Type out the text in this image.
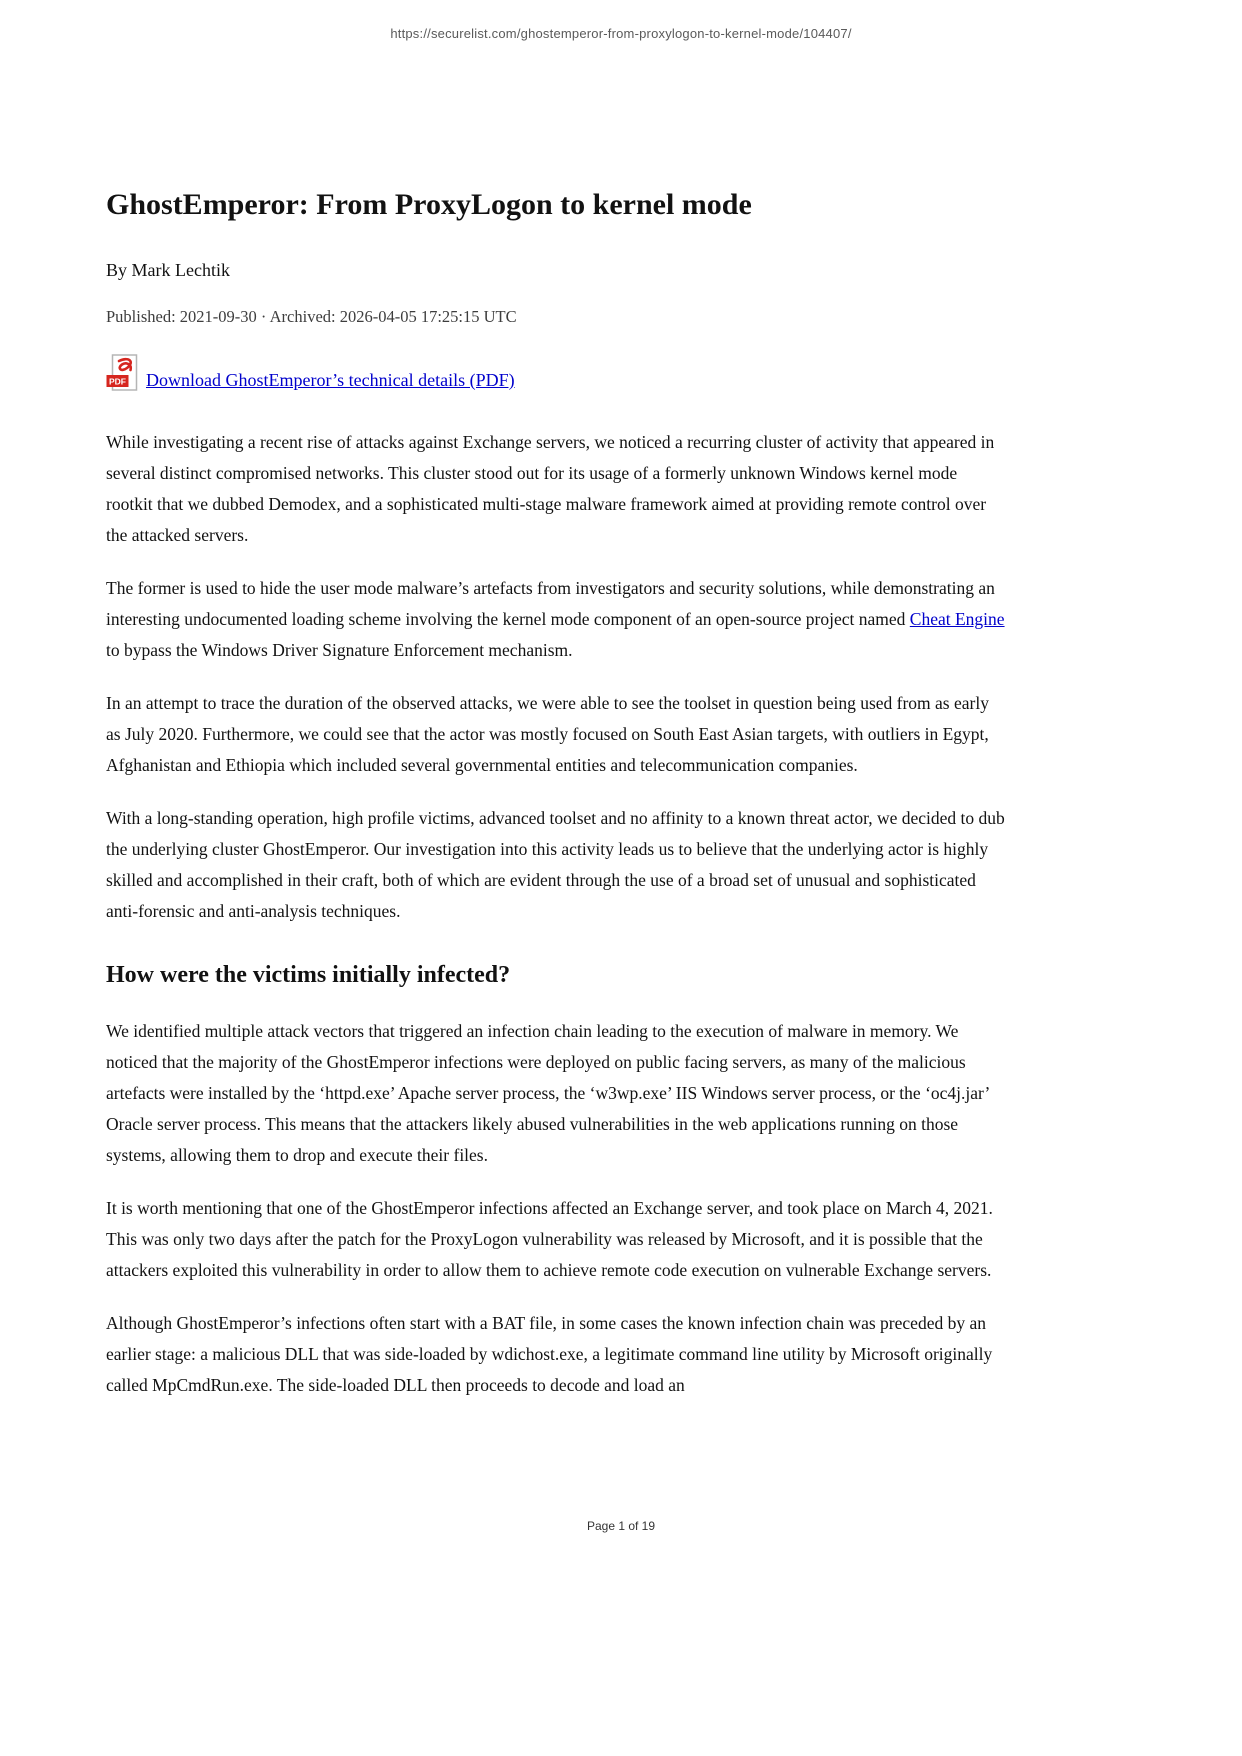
https://securelist.com/ghostemperor-from-proxylogon-to-kernel-mode/104407/
GhostEmperor: From ProxyLogon to kernel mode

By Mark Lechtik

Published: 2021-09-30 · Archived: 2026-04-05 17:25:15 UTC

PDF Download GhostEmperor’s technical details (PDF)

While investigating a recent rise of attacks against Exchange servers, we noticed a recurring cluster of activity that appeared in several distinct compromised networks. This cluster stood out for its usage of a formerly unknown Windows kernel mode rootkit that we dubbed Demodex, and a sophisticated multi-stage malware framework aimed at providing remote control over the attacked servers.

The former is used to hide the user mode malware’s artefacts from investigators and security solutions, while demonstrating an interesting undocumented loading scheme involving the kernel mode component of an open-source project named Cheat Engine to bypass the Windows Driver Signature Enforcement mechanism.

In an attempt to trace the duration of the observed attacks, we were able to see the toolset in question being used from as early as July 2020. Furthermore, we could see that the actor was mostly focused on South East Asian targets, with outliers in Egypt, Afghanistan and Ethiopia which included several governmental entities and telecommunication companies.

With a long-standing operation, high profile victims, advanced toolset and no affinity to a known threat actor, we decided to dub the underlying cluster GhostEmperor. Our investigation into this activity leads us to believe that the underlying actor is highly skilled and accomplished in their craft, both of which are evident through the use of a broad set of unusual and sophisticated anti-forensic and anti-analysis techniques.

How were the victims initially infected?

We identified multiple attack vectors that triggered an infection chain leading to the execution of malware in memory. We noticed that the majority of the GhostEmperor infections were deployed on public facing servers, as many of the malicious artefacts were installed by the ‘httpd.exe’ Apache server process, the ‘w3wp.exe’ IIS Windows server process, or the ‘oc4j.jar’ Oracle server process. This means that the attackers likely abused vulnerabilities in the web applications running on those systems, allowing them to drop and execute their files.

It is worth mentioning that one of the GhostEmperor infections affected an Exchange server, and took place on March 4, 2021. This was only two days after the patch for the ProxyLogon vulnerability was released by Microsoft, and it is possible that the attackers exploited this vulnerability in order to allow them to achieve remote code execution on vulnerable Exchange servers.

Although GhostEmperor’s infections often start with a BAT file, in some cases the known infection chain was preceded by an earlier stage: a malicious DLL that was side-loaded by wdichost.exe, a legitimate command line utility by Microsoft originally called MpCmdRun.exe. The side-loaded DLL then proceeds to decode and load an

Page 1 of 19
